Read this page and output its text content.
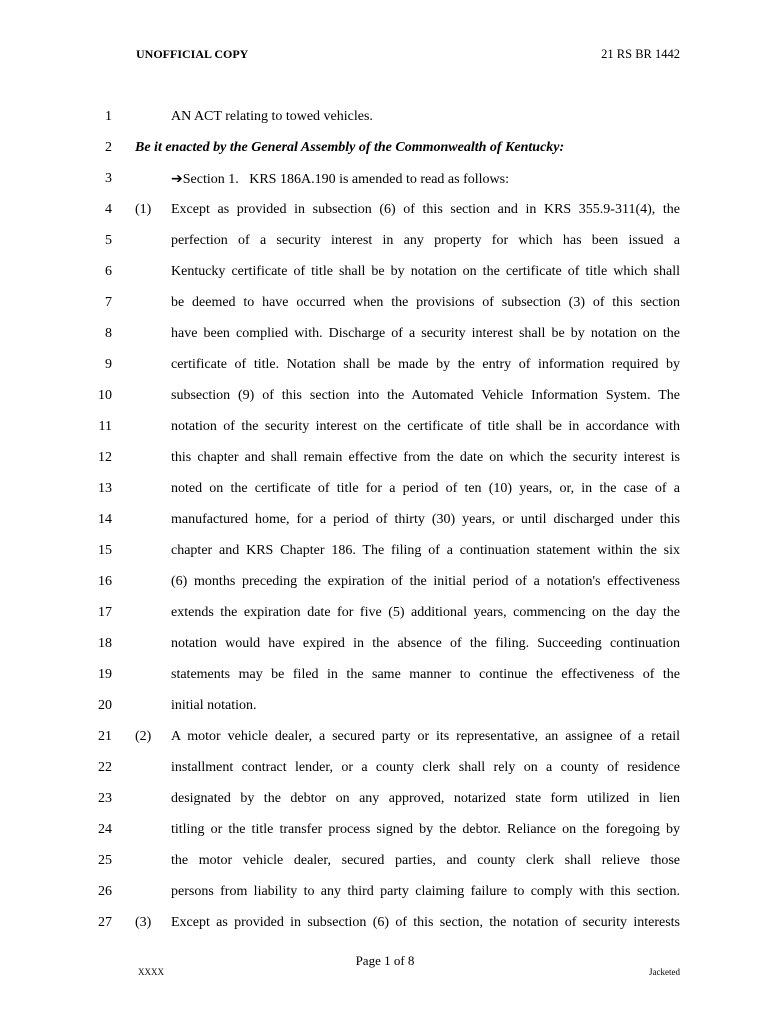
UNOFFICIAL COPY	21 RS BR 1442
1	AN ACT relating to towed vehicles.
2 Be it enacted by the General Assembly of the Commonwealth of Kentucky:
3	➔Section 1.   KRS 186A.190 is amended to read as follows:
4 (1) Except as provided in subsection (6) of this section and in KRS 355.9-311(4), the
5	perfection of a security interest in any property for which has been issued a
6	Kentucky certificate of title shall be by notation on the certificate of title which shall
7	be deemed to have occurred when the provisions of subsection (3) of this section
8	have been complied with. Discharge of a security interest shall be by notation on the
9	certificate of title. Notation shall be made by the entry of information required by
10	subsection (9) of this section into the Automated Vehicle Information System. The
11	notation of the security interest on the certificate of title shall be in accordance with
12	this chapter and shall remain effective from the date on which the security interest is
13	noted on the certificate of title for a period of ten (10) years, or, in the case of a
14	manufactured home, for a period of thirty (30) years, or until discharged under this
15	chapter and KRS Chapter 186. The filing of a continuation statement within the six
16	(6) months preceding the expiration of the initial period of a notation's effectiveness
17	extends the expiration date for five (5) additional years, commencing on the day the
18	notation would have expired in the absence of the filing. Succeeding continuation
19	statements may be filed in the same manner to continue the effectiveness of the
20	initial notation.
21 (2) A motor vehicle dealer, a secured party or its representative, an assignee of a retail
22	installment contract lender, or a county clerk shall rely on a county of residence
23	designated by the debtor on any approved, notarized state form utilized in lien
24	titling or the title transfer process signed by the debtor. Reliance on the foregoing by
25	the motor vehicle dealer, secured parties, and county clerk shall relieve those
26	persons from liability to any third party claiming failure to comply with this section.
27 (3) Except as provided in subsection (6) of this section, the notation of security interests
Page 1 of 8
XXXX	Jacketed
